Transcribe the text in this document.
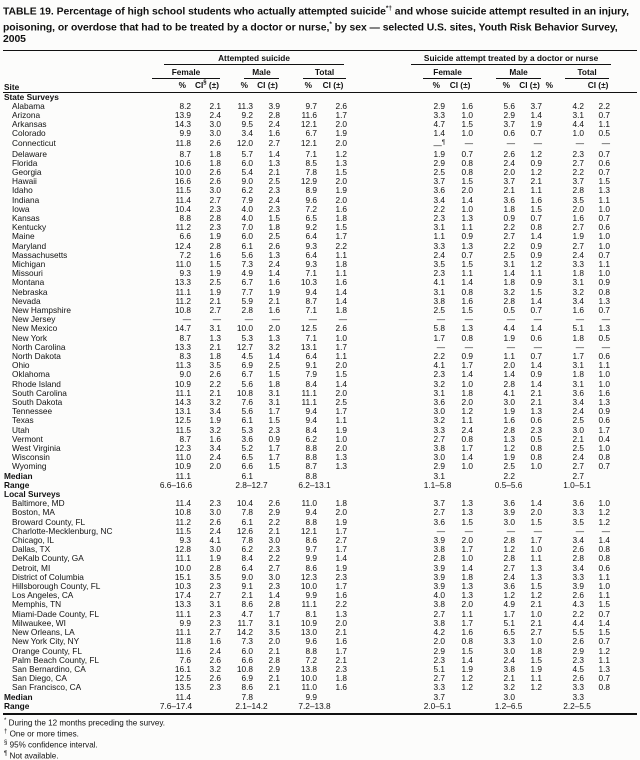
TABLE 19. Percentage of high school students who actually attempted suicide*† and whose suicide attempt resulted in an injury, poisoning, or overdose that had to be treated by a doctor or nurse,* by sex — selected U.S. sites, Youth Risk Behavior Survey, 2005
Site	Attempted suicide							Suicide attempt treated by a doctor or nurse					

	Female		Male		Total			Female		Male		Total	

	%	CI§ (±)	%	CI (±)	%	CI (±)		%	CI (±)	%	CI (±)	%	CI (±)
State Surveys													
Alabama	8.2	2.1	11.3	3.9	9.7	2.6		2.9	1.6	5.6	3.7	4.2	2.2
Arizona	13.9	2.4	9.2	2.8	11.6	1.7		3.3	1.0	2.9	1.4	3.1	0.7
Arkansas	14.3	3.0	9.5	2.4	12.1	2.0		4.7	1.5	3.7	1.9	4.4	1.1
Colorado	9.9	3.0	3.4	1.6	6.7	1.9		1.4	1.0	0.6	0.7	1.0	0.5
Connecticut	11.8	2.6	12.0	2.7	12.1	2.0		—¶	—	—	—	—	—
Delaware	8.7	1.8	5.7	1.4	7.1	1.2		1.9	0.7	2.6	1.2	2.3	0.7
Florida	10.6	1.8	6.0	1.3	8.5	1.3		2.9	0.8	2.4	0.9	2.7	0.6
Georgia	10.0	2.6	5.4	2.1	7.8	1.5		2.5	0.8	2.0	1.2	2.2	0.7
Hawaii	16.6	2.6	9.0	2.5	12.9	2.0		3.7	1.5	3.7	2.1	3.7	1.5
Idaho	11.5	3.0	6.2	2.3	8.9	1.9		3.6	2.0	2.1	1.1	2.8	1.3
Indiana	11.4	2.7	7.9	2.4	9.6	2.0		3.4	1.4	3.6	1.6	3.5	1.1
Iowa	10.4	2.3	4.0	2.3	7.2	1.6		2.2	1.0	1.8	1.5	2.0	1.0
Kansas	8.8	2.8	4.0	1.5	6.5	1.8		2.3	1.3	0.9	0.7	1.6	0.7
Kentucky	11.2	2.3	7.0	1.8	9.2	1.5		3.1	1.1	2.2	0.8	2.7	0.6
Maine	6.6	1.9	6.0	2.5	6.4	1.7		1.1	0.9	2.7	1.4	1.9	1.0
Maryland	12.4	2.8	6.1	2.6	9.3	2.2		3.3	1.3	2.2	0.9	2.7	1.0
Massachusetts	7.2	1.6	5.6	1.3	6.4	1.1		2.4	0.7	2.5	0.9	2.4	0.7
Michigan	11.0	1.5	7.3	2.4	9.3	1.8		3.5	1.5	3.1	1.2	3.3	1.1
Missouri	9.3	1.9	4.9	1.4	7.1	1.1		2.3	1.1	1.4	1.1	1.8	1.0
Montana	13.3	2.5	6.7	1.6	10.3	1.6		4.1	1.4	1.8	0.9	3.1	0.9
Nebraska	11.1	1.9	7.7	1.9	9.4	1.4		3.1	0.8	3.2	1.5	3.2	0.8
Nevada	11.2	2.1	5.9	2.1	8.7	1.4		3.8	1.6	2.8	1.4	3.4	1.3
New Hampshire	10.8	2.7	2.8	1.6	7.1	1.8		2.5	1.5	0.5	0.7	1.6	0.7
New Jersey	—	—	—	—	—	—		—	—	—	—	—	—
New Mexico	14.7	3.1	10.0	2.0	12.5	2.6		5.8	1.3	4.4	1.4	5.1	1.3
New York	8.7	1.3	5.3	1.3	7.1	1.0		1.7	0.8	1.9	0.6	1.8	0.5
North Carolina	13.3	2.1	12.7	3.2	13.1	1.7		—	—	—	—	—	—
North Dakota	8.3	1.8	4.5	1.4	6.4	1.1		2.2	0.9	1.1	0.7	1.7	0.6
Ohio	11.3	3.5	6.9	2.5	9.1	2.0		4.1	1.7	2.0	1.4	3.1	1.1
Oklahoma	9.0	2.6	6.7	1.5	7.9	1.5		2.3	1.4	1.4	0.9	1.8	1.0
Rhode Island	10.9	2.2	5.6	1.8	8.4	1.4		3.2	1.0	2.8	1.4	3.1	1.0
South Carolina	11.1	2.1	10.8	3.1	11.1	2.0		3.1	1.8	4.1	2.1	3.6	1.6
South Dakota	14.3	3.2	7.6	3.1	11.1	2.5		3.6	2.0	3.0	2.1	3.4	1.3
Tennessee	13.1	3.4	5.6	1.7	9.4	1.7		3.0	1.2	1.9	1.3	2.4	0.9
Texas	12.5	1.9	6.1	1.5	9.4	1.1		3.2	1.1	1.6	0.6	2.5	0.6
Utah	11.5	3.2	5.3	2.3	8.4	1.9		3.3	2.4	2.8	2.3	3.0	1.7
Vermont	8.7	1.6	3.6	0.9	6.2	1.0		2.7	0.8	1.3	0.5	2.1	0.4
West Virginia	12.3	3.4	5.2	1.7	8.8	2.0		3.8	1.7	1.2	0.8	2.5	1.0
Wisconsin	11.0	2.4	6.5	1.7	8.8	1.3		3.0	1.4	1.9	0.8	2.4	0.8
Wyoming	10.9	2.0	6.6	1.5	8.7	1.3		2.9	1.0	2.5	1.0	2.7	0.7
Median	11.1		6.1		8.8			3.1		2.2		2.7	
Range	6.6–16.6		2.8–12.7		6.2–13.1			1.1–5.8		0.5–5.6		1.0–5.1	
Local Surveys													
Baltimore, MD	11.4	2.3	10.4	2.6	11.0	1.8		3.7	1.3	3.6	1.4	3.6	1.0
Boston, MA	10.8	3.0	7.8	2.9	9.4	2.0		2.7	1.3	3.9	2.0	3.3	1.2
Broward County, FL	11.2	2.6	6.1	2.2	8.8	1.9		3.6	1.5	3.0	1.5	3.5	1.2
Charlotte-Mecklenburg, NC	11.5	2.4	12.6	2.1	12.1	1.7		—	—	—	—	—	—
Chicago, IL	9.3	4.1	7.8	3.0	8.6	2.7		3.9	2.0	2.8	1.7	3.4	1.4
Dallas, TX	12.8	3.0	6.2	2.3	9.7	1.7		3.8	1.7	1.2	1.0	2.6	0.8
DeKalb County, GA	11.1	1.9	8.4	2.2	9.9	1.4		2.8	1.0	2.8	1.1	2.8	0.8
Detroit, MI	10.0	2.8	6.4	2.7	8.6	1.9		3.9	1.4	2.7	1.3	3.4	0.6
District of Columbia	15.1	3.5	9.0	3.0	12.3	2.3		3.9	1.8	2.4	1.3	3.3	1.1
Hillsborough County, FL	10.3	2.3	9.1	2.3	10.0	1.7		3.9	1.3	3.6	1.5	3.9	1.0
Los Angeles, CA	17.4	2.7	2.1	1.4	9.9	1.6		4.0	1.3	1.2	1.2	2.6	1.1
Memphis, TN	13.3	3.1	8.6	2.8	11.1	2.2		3.8	2.0	4.9	2.1	4.3	1.5
Miami-Dade County, FL	11.1	2.3	4.7	1.7	8.1	1.3		2.7	1.1	1.7	1.0	2.2	0.7
Milwaukee, WI	9.9	2.3	11.7	3.1	10.9	2.0		3.8	1.7	5.1	2.1	4.4	1.4
New Orleans, LA	11.1	2.7	14.2	3.5	13.0	2.1		4.2	1.6	6.5	2.7	5.5	1.5
New York City, NY	11.8	1.6	7.3	2.0	9.6	1.6		2.0	0.8	3.3	1.0	2.6	0.7
Orange County, FL	11.6	2.4	6.0	2.1	8.8	1.7		2.9	1.5	3.0	1.8	2.9	1.2
Palm Beach County, FL	7.6	2.6	6.6	2.8	7.2	2.1		2.3	1.4	2.4	1.5	2.3	1.1
San Bernardino, CA	16.1	3.2	10.8	2.9	13.8	2.3		5.1	1.9	3.8	1.9	4.5	1.3
San Diego, CA	12.5	2.6	6.9	2.1	10.0	1.8		2.7	1.2	2.1	1.1	2.6	0.7
San Francisco, CA	13.5	2.3	8.6	2.1	11.0	1.6		3.3	1.2	3.2	1.2	3.3	0.8
Median	11.4		7.8		9.9			3.7		3.0		3.3	
Range	7.6–17.4		2.1–14.2		7.2–13.8			2.0–5.1		1.2–6.5		2.2–5.5	
* During the 12 months preceding the survey.
† One or more times.
§ 95% confidence interval.
¶ Not available.
